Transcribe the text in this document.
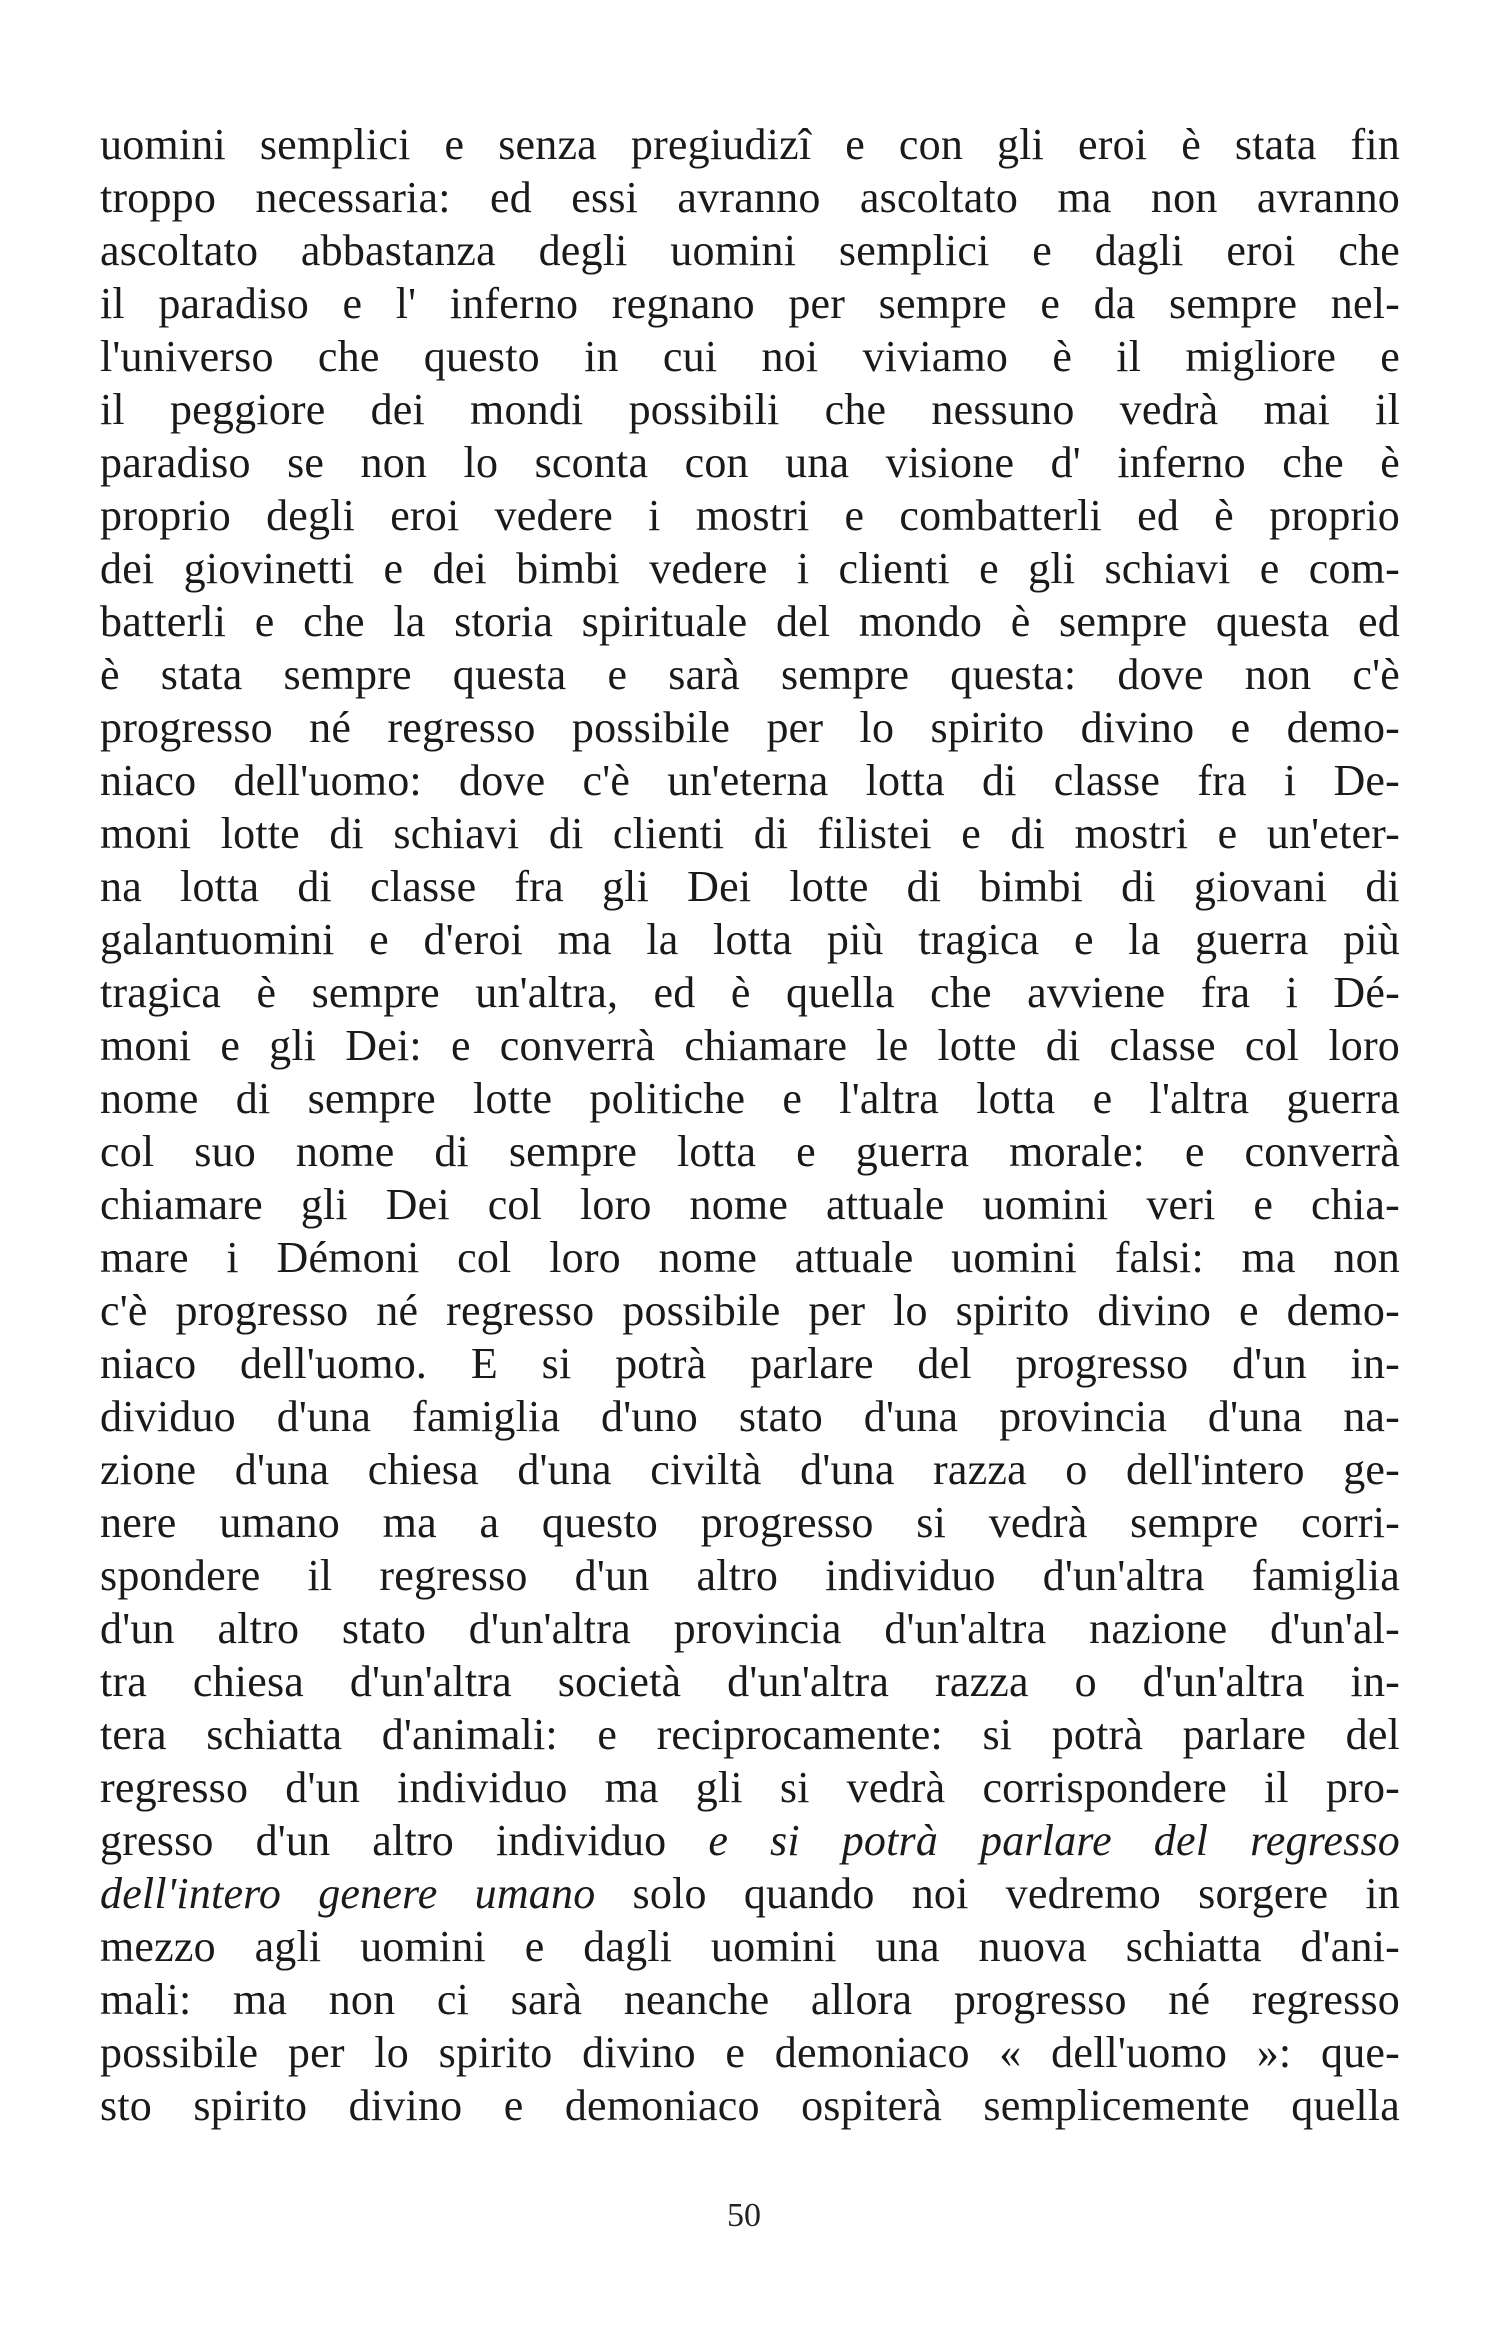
uomini semplici e senza pregiudizî e con gli eroi è stata fin
troppo necessaria: ed essi avranno ascoltato ma non avranno
ascoltato abbastanza degli uomini semplici e dagli eroi che
il paradiso e l' inferno regnano per sempre e da sempre nel-
l'universo che questo in cui noi viviamo è il migliore e
il peggiore dei mondi possibili che nessuno vedrà mai il
paradiso se non lo sconta con una visione d' inferno che è
proprio degli eroi vedere i mostri e combatterli ed è proprio
dei giovinetti e dei bimbi vedere i clienti e gli schiavi e com-
batterli e che la storia spirituale del mondo è sempre questa ed
è stata sempre questa e sarà sempre questa: dove non c'è
progresso né regresso possibile per lo spirito divino e demo-
niaco dell'uomo: dove c'è un'eterna lotta di classe fra i De-
moni lotte di schiavi di clienti di filistei e di mostri e un'eter-
na lotta di classe fra gli Dei lotte di bimbi di giovani di
galantuomini e d'eroi ma la lotta più tragica e la guerra più
tragica è sempre un'altra, ed è quella che avviene fra i Dé-
moni e gli Dei: e converrà chiamare le lotte di classe col loro
nome di sempre lotte politiche e l'altra lotta e l'altra guerra
col suo nome di sempre lotta e guerra morale: e converrà
chiamare gli Dei col loro nome attuale uomini veri e chia-
mare i Démoni col loro nome attuale uomini falsi: ma non
c'è progresso né regresso possibile per lo spirito divino e demo-
niaco dell'uomo. E si potrà parlare del progresso d'un in-
dividuo d'una famiglia d'uno stato d'una provincia d'una na-
zione d'una chiesa d'una civiltà d'una razza o dell'intero ge-
nere umano ma a questo progresso si vedrà sempre corri-
spondere il regresso d'un altro individuo d'un'altra famiglia
d'un altro stato d'un'altra provincia d'un'altra nazione d'un'al-
tra chiesa d'un'altra società d'un'altra razza o d'un'altra in-
tera schiatta d'animali: e reciprocamente: si potrà parlare del
regresso d'un individuo ma gli si vedrà corrispondere il pro-
gresso d'un altro individuo e si potrà parlare del regresso
dell'intero genere umano solo quando noi vedremo sorgere in
mezzo agli uomini e dagli uomini una nuova schiatta d'ani-
mali: ma non ci sarà neanche allora progresso né regresso
possibile per lo spirito divino e demoniaco « dell'uomo »: que-
sto spirito divino e demoniaco ospiterà semplicemente quella
50
